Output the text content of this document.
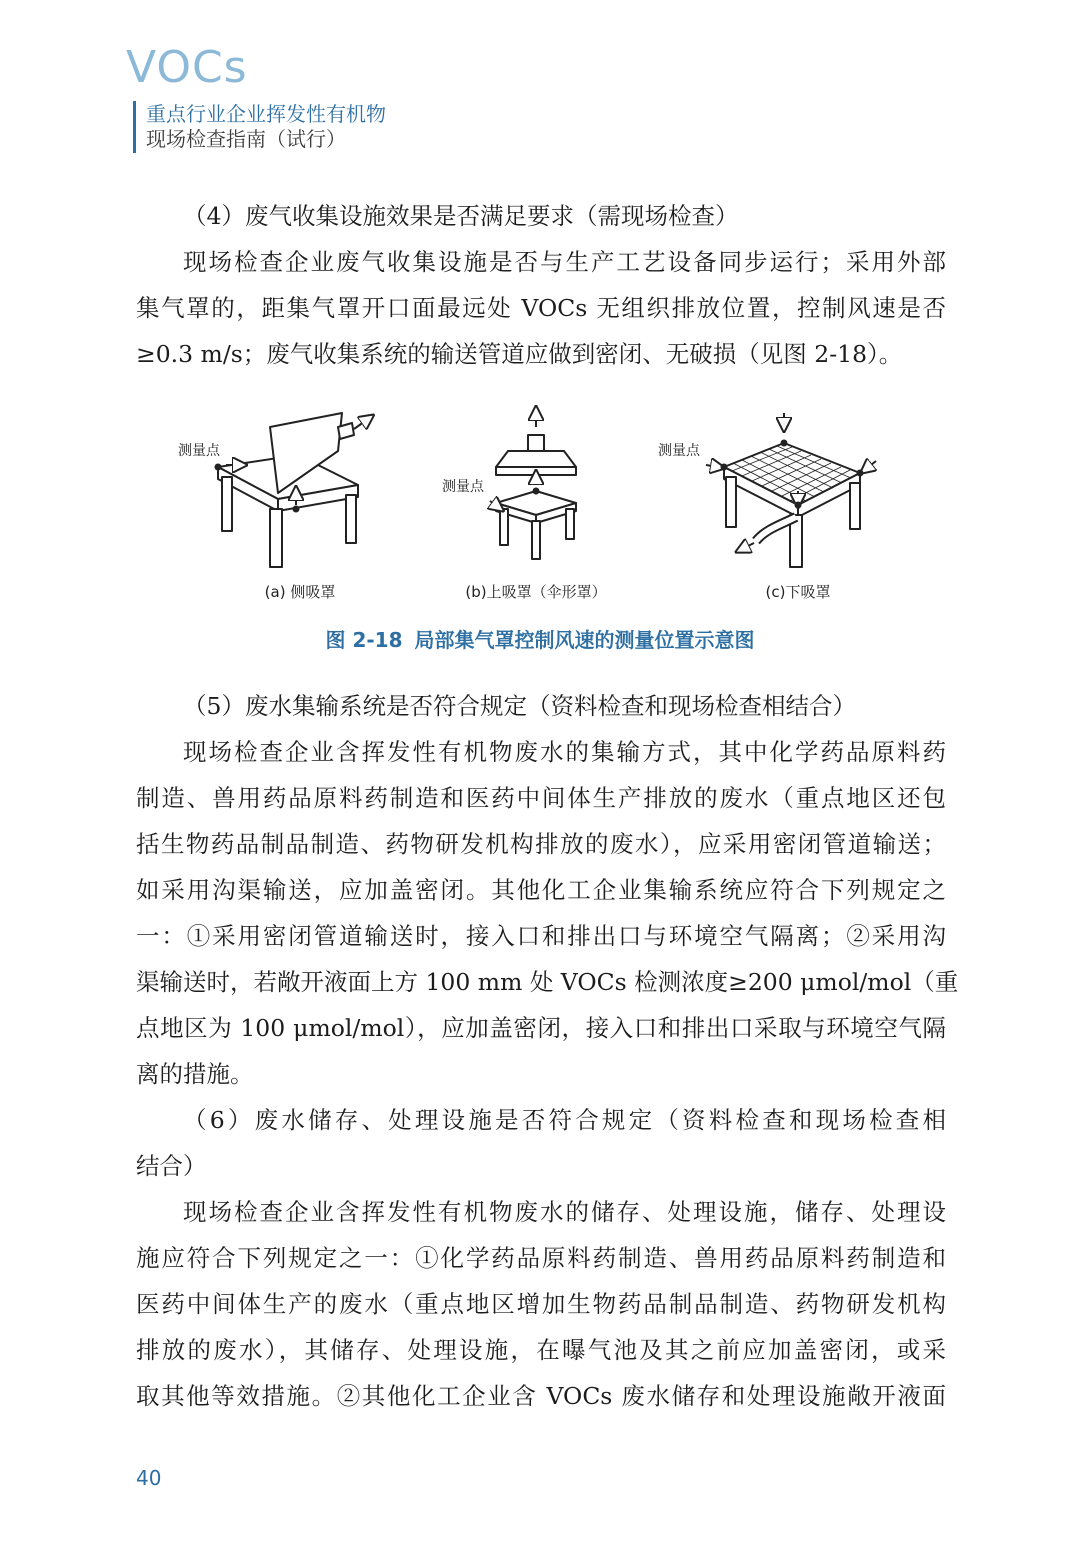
VOCs
重点行业企业挥发性有机物
现场检查指南（试行）
（4）废气收集设施效果是否满足要求（需现场检查）
现场检查企业废气收集设施是否与生产工艺设备同步运行；采用外部
集气罩的，距集气罩开口面最远处 VOCs 无组织排放位置，控制风速是否
≥0.3 m/s；废气收集系统的输送管道应做到密闭、无破损（见图 2-18）。
测量点
测量点
测量点
(a) 侧吸罩	(b)上吸罩（伞形罩）	(c)下吸罩
图 2-18 局部集气罩控制风速的测量位置示意图
（5）废水集输系统是否符合规定（资料检查和现场检查相结合）
现场检查企业含挥发性有机物废水的集输方式，其中化学药品原料药
制造、兽用药品原料药制造和医药中间体生产排放的废水（重点地区还包
括生物药品制品制造、药物研发机构排放的废水），应采用密闭管道输送；
如采用沟渠输送，应加盖密闭。其他化工企业集输系统应符合下列规定之
一：①采用密闭管道输送时，接入口和排出口与环境空气隔离；②采用沟
渠输送时，若敞开液面上方 100 mm 处 VOCs 检测浓度≥200 μmol/mol（重
点地区为 100 μmol/mol），应加盖密闭，接入口和排出口采取与环境空气隔
离的措施。
（6）废水储存、处理设施是否符合规定（资料检查和现场检查相
结合）
现场检查企业含挥发性有机物废水的储存、处理设施，储存、处理设
施应符合下列规定之一：①化学药品原料药制造、兽用药品原料药制造和
医药中间体生产的废水（重点地区增加生物药品制品制造、药物研发机构
排放的废水），其储存、处理设施，在曝气池及其之前应加盖密闭，或采
取其他等效措施。②其他化工企业含 VOCs 废水储存和处理设施敞开液面
40
